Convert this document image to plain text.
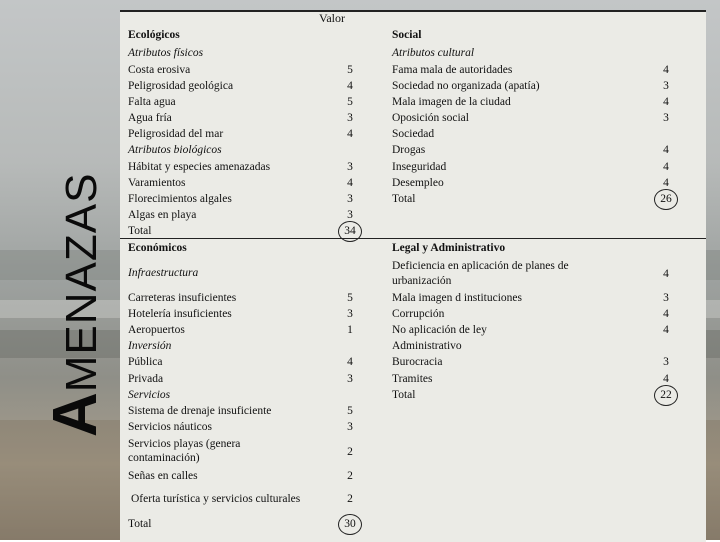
AMENAZAS
Valor
Ecológicos
Atributos físicos
Costa erosiva	5
Peligrosidad geológica	4
Falta agua	5
Agua fría	3
Peligrosidad del mar	4
Atributos biológicos
Hábitat y especies amenazadas	3
Varamientos	4
Florecimientos algales	3
Algas en playa	3
Total	34
Social
Atributos cultural
Fama mala de autoridades	4
Sociedad no organizada (apatía)	3
Mala imagen de la ciudad	4
Oposición social	3
Sociedad
Drogas	4
Inseguridad	4
Desempleo	4
Total	26
Económicos
Infraestructura
Carreteras insuficientes	5
Hotelería insuficientes	3
Aeropuertos	1
Inversión
Pública	4
Privada	3
Servicios
Sistema de drenaje insuficiente	5
Servicios náuticos	3
Servicios playas (genera
contaminación)	2
Señas en calles	2
Oferta turística y servicios culturales	2
Total	30
Legal y Administrativo
Deficiencia en aplicación de planes de
urbanización
4
Mala imagen d instituciones	3
Corrupción	4
No aplicación de ley	4
Administrativo
Burocracia	3
Tramites	4
Total	22
